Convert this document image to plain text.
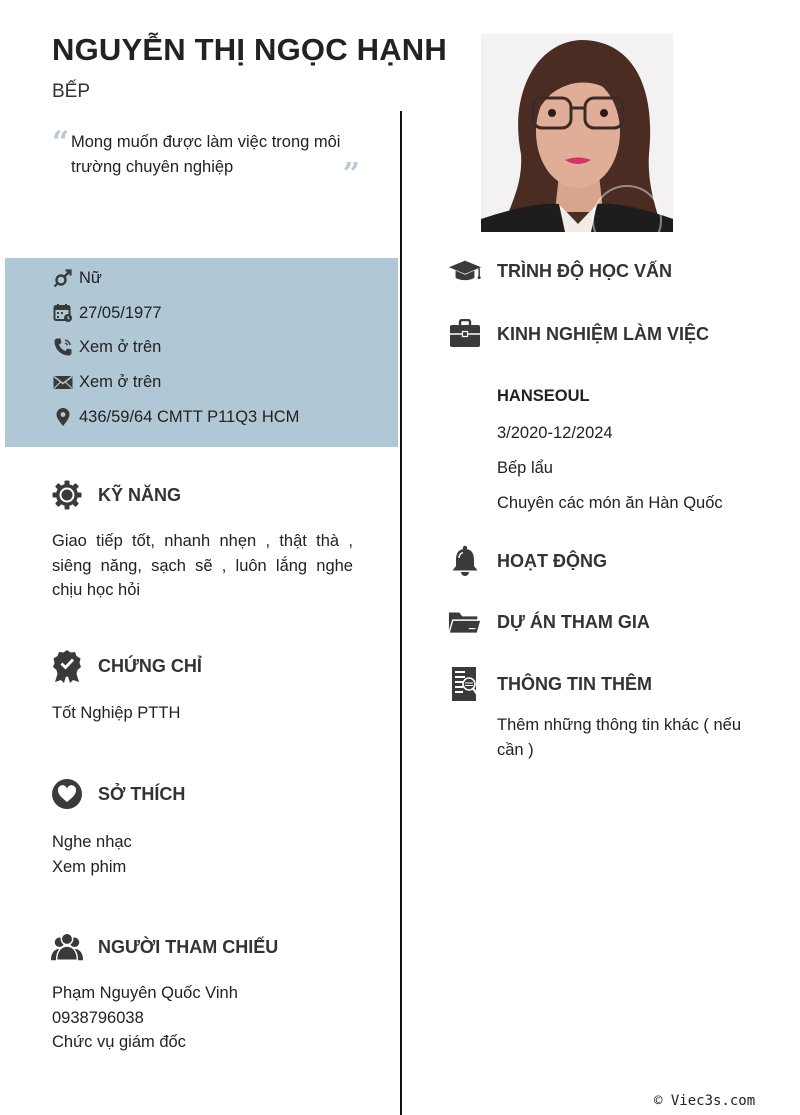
NGUYỄN THỊ NGỌC HẠNH
BẾP
“ Mong muốn được làm việc trong môi trường chuyên nghiệp	”
Nữ
27/05/1977
Xem ở trên
Xem ở trên
436/59/64 CMTT P11Q3 HCM
KỸ NĂNG
Giao tiếp tốt, nhanh nhẹn , thật thà , siêng năng, sạch sẽ , luôn lắng nghe chịu học hỏi
CHỨNG CHỈ
Tốt Nghiệp PTTH
SỞ THÍCH
Nghe nhạc
Xem phim
NGƯỜI THAM CHIẾU
Phạm Nguyên Quốc Vinh
0938796038
Chức vụ giám đốc
TRÌNH ĐỘ HỌC VẤN
KINH NGHIỆM LÀM VIỆC
HANSEOUL
3/2020-12/2024
Bếp lẩu
Chuyên các món ăn Hàn Quốc
HOẠT ĐỘNG
DỰ ÁN THAM GIA
THÔNG TIN THÊM
Thêm những thông tin khác ( nếu cần )
© Viec3s.com
